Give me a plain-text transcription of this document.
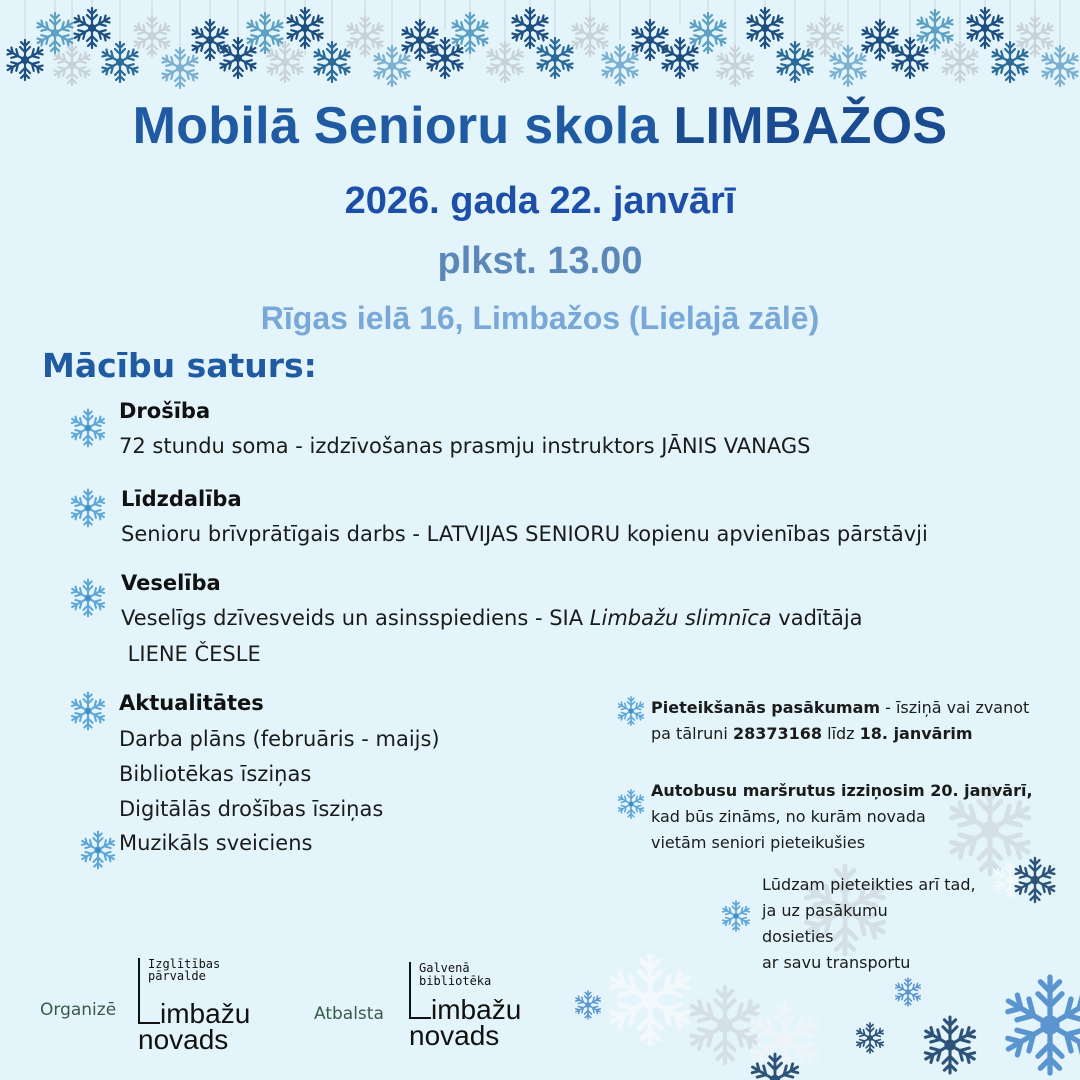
Mobilā Senioru skola LIMBAŽOS
2026. gada 22. janvārī
plkst. 13.00
Rīgas ielā 16, Limbažos (Lielajā zālē)
Mācību saturs:
Drošība
72 stundu soma - izdzīvošanas prasmju instruktors JĀNIS VANAGS
Līdzdalība
Senioru brīvprātīgais darbs - LATVIJAS SENIORU kopienu apvienības pārstāvji
Veselība
Veselīgs dzīvesveids un asinsspiediens - SIA Limbažu slimnīca vadītāja
LIENE ČESLE
Aktualitātes
Darba plāns (februāris - maijs)
Bibliotēkas īsziņas
Digitālās drošības īsziņas
Muzikāls sveiciens
Pieteikšanās pasākumam - īsziņā vai zvanot
pa tālruni 28373168 līdz 18. janvārim
Autobusu maršrutus izziņosim 20. janvārī,
kad būs zināms, no kurām novada
vietām seniori pieteikušies
Lūdzam pieteikties arī tad,
ja uz pasākumu
dosieties
ar savu transportu
Organizē
Izglītības
pārvalde
imbažu
novads
Atbalsta
Galvenā
bibliotēka
imbažu
novads
